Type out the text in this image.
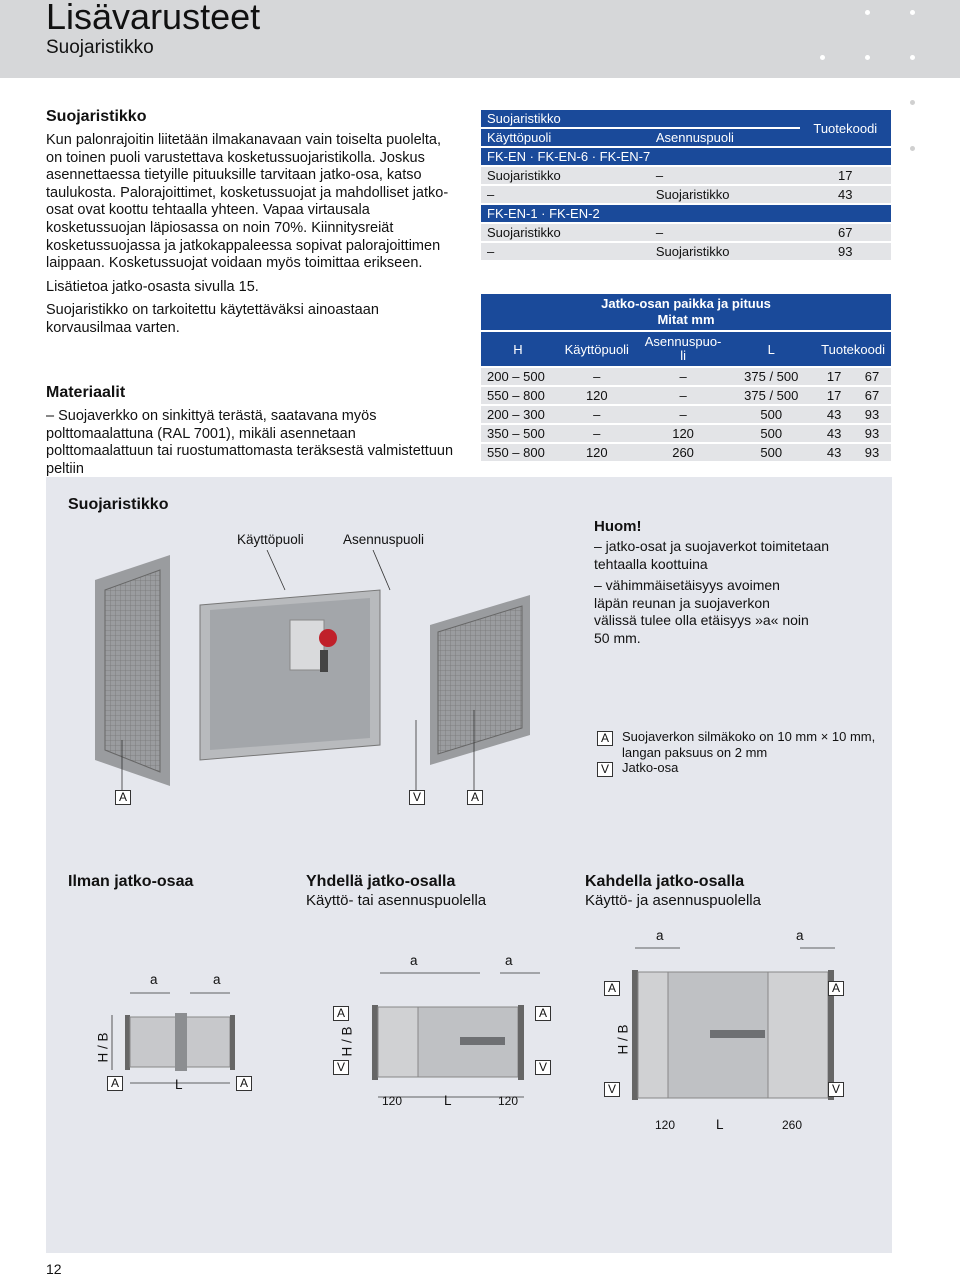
Lisävarusteet
Suojaristikko
Suojaristikko

Kun palonrajoitin liitetään ilmakanavaan vain toiselta puolelta, on toinen puoli varustettava kosketussuojaristikolla. Joskus asennettaessa tietyille pituuksille tarvitaan jatko-osa, katso taulukosta. Palorajoittimet, kosketussuojat ja mahdolliset jatko-osat ovat koottu tehtaalla yhteen. Vapaa virtausala kosketussuojan läpiosassa on noin 70%. Kiinnitysreiät kosketussuojassa ja jatkokappaleessa sopivat palorajoittimen laippaan. Kosketussuojat voidaan myös toimittaa erikseen.

Lisätietoa jatko-osasta sivulla 15.

Suojaristikko on tarkoitettu käytettäväksi ainoastaan korvausilmaa varten.

Materiaalit
– Suojaverkko on sinkittyä terästä, saatavana myös polttomaalattuna (RAL 7001), mikäli asennetaan polttomaalattuun tai ruostumattomasta teräksestä valmistettuun peltiin
Suojaristikko		Tuotekoodi
Käyttöpuoli	Asennuspuoli	
FK-EN · FK-EN-6 · FK-EN-7		
Suojaristikko	–	17
–	Suojaristikko	43
FK-EN-1 · FK-EN-2		
Suojaristikko	–	67
–	Suojaristikko	93
Jatko-osan paikka ja pituus
Mitat mm					

H	Käyttöpuoli	Asennuspuo-li	L	Tuotekoodi	
200 – 500	–	–	375 / 500	17	67
550 – 800	120	–	375 / 500	17	67
200 – 300	–	–	500	43	93
350 – 500	–	120	500	43	93
550 – 800	120	260	500	43	93
Suojaristikko
Käyttöpuoli	Asennuspuoli
A	V	A
Huom!
– jatko-osat ja suojaverkot toimitetaan tehtaalla koottuina
– vähimmäisetäisyys avoimen läpän reunan ja suojaverkon välissä tulee olla etäisyys »a« noin 50 mm.
A	Suojaverkon silmäkoko on 10 mm × 10 mm, langan paksuus on 2 mm
V	Jatko-osa
Ilman jatko-osaa	Yhdellä jatko-osalla
Käyttö- tai asennuspuolella
Kahdella jatko-osalla
Käyttö- ja asennuspuolella
a	a
H / B
A	L	A
a	a
A	A
H / B
V	V
120	L	120
a	a
A	A
H / B
V	V
120	L	260
12
